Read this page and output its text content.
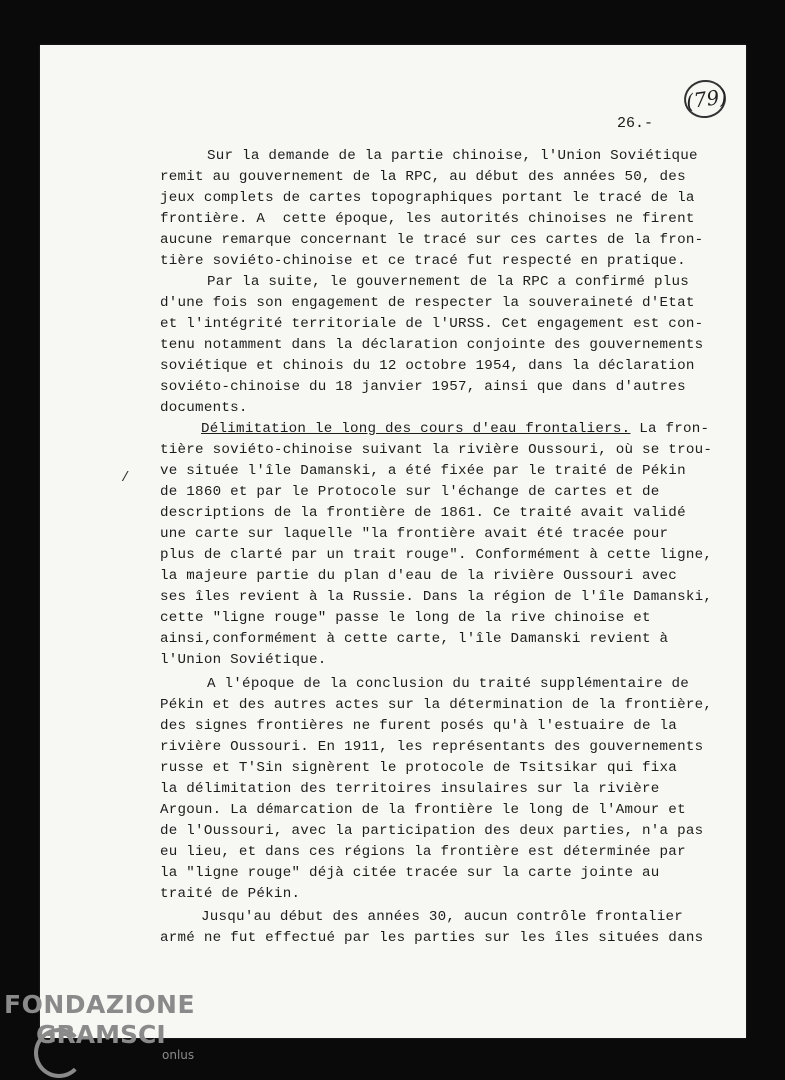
(79)
26.-
/
Sur la demande de la partie chinoise, l'Union Soviétique
remit au gouvernement de la RPC, au début des années 50, des
jeux complets de cartes topographiques portant le tracé de la
frontière. A  cette époque, les autorités chinoises ne firent
aucune remarque concernant le tracé sur ces cartes de la fron-
tière soviéto-chinoise et ce tracé fut respecté en pratique.
Par la suite, le gouvernement de la RPC a confirmé plus
d'une fois son engagement de respecter la souveraineté d'Etat
et l'intégrité territoriale de l'URSS. Cet engagement est con-
tenu notamment dans la déclaration conjointe des gouvernements
soviétique et chinois du 12 octobre 1954, dans la déclaration
soviéto-chinoise du 18 janvier 1957, ainsi que dans d'autres
documents.
Délimitation le long des cours d'eau frontaliers. La fron-
tière soviéto-chinoise suivant la rivière Oussouri, où se trou-
ve située l'île Damanski, a été fixée par le traité de Pékin
de 1860 et par le Protocole sur l'échange de cartes et de
descriptions de la frontière de 1861. Ce traité avait validé
une carte sur laquelle "la frontière avait été tracée pour
plus de clarté par un trait rouge". Conformément à cette ligne,
la majeure partie du plan d'eau de la rivière Oussouri avec
ses îles revient à la Russie. Dans la région de l'île Damanski,
cette "ligne rouge" passe le long de la rive chinoise et
ainsi,conformément à cette carte, l'île Damanski revient à
l'Union Soviétique.
A l'époque de la conclusion du traité supplémentaire de
Pékin et des autres actes sur la détermination de la frontière,
des signes frontières ne furent posés qu'à l'estuaire de la
rivière Oussouri. En 1911, les représentants des gouvernements
russe et T'Sin signèrent le protocole de Tsitsikar qui fixa
la délimitation des territoires insulaires sur la rivière
Argoun. La démarcation de la frontière le long de l'Amour et
de l'Oussouri, avec la participation des deux parties, n'a pas
eu lieu, et dans ces régions la frontière est déterminée par
la "ligne rouge" déjà citée tracée sur la carte jointe au
traité de Pékin.
Jusqu'au début des années 30, aucun contrôle frontalier
armé ne fut effectué par les parties sur les îles situées dans
FONDAZIONE
GRAMSCI
onlus
